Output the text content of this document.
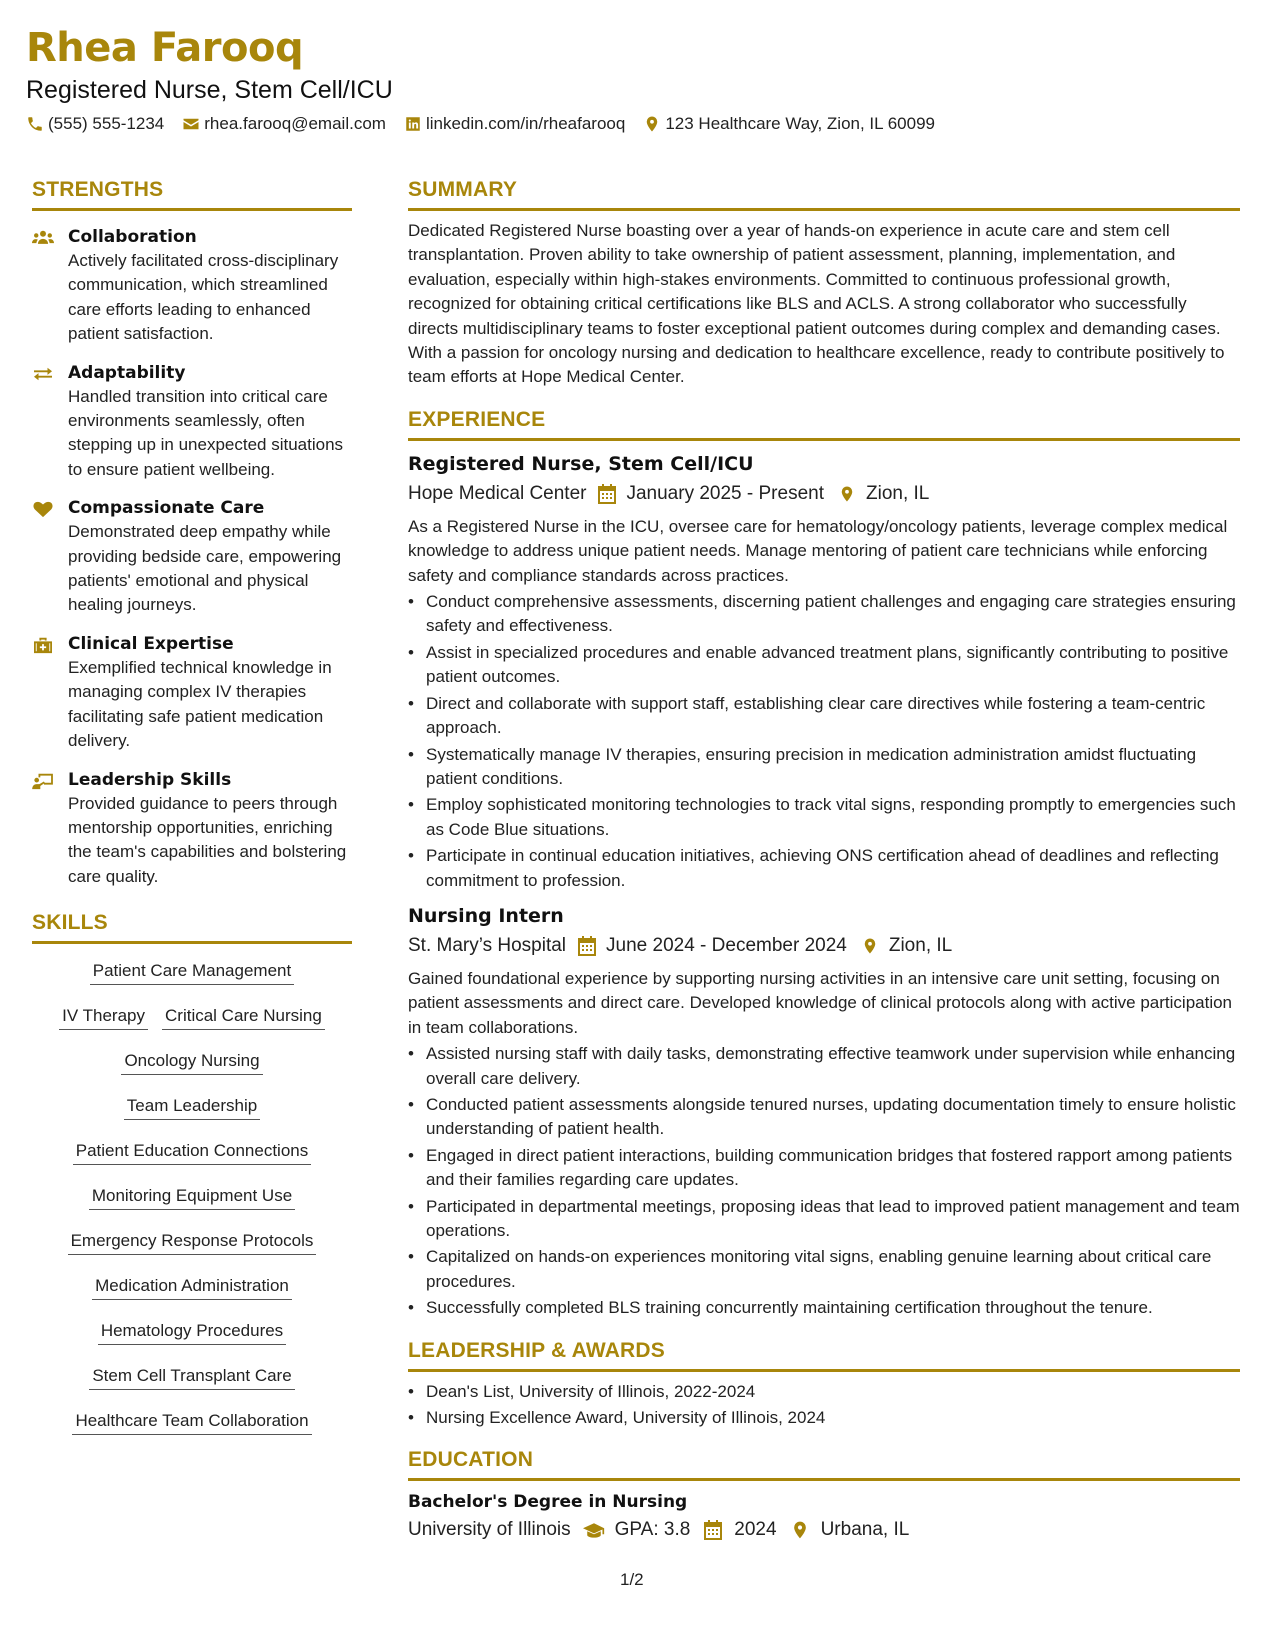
Rhea Farooq
Registered Nurse, Stem Cell/ICU
(555) 555-1234 rhea.farooq@email.com linkedin.com/in/rheafarooq 123 Healthcare Way, Zion, IL 60099
STRENGTHS
Collaboration
Actively facilitated cross-disciplinary communication, which streamlined care efforts leading to enhanced patient satisfaction.
Adaptability
Handled transition into critical care environments seamlessly, often stepping up in unexpected situations to ensure patient wellbeing.
Compassionate Care
Demonstrated deep empathy while providing bedside care, empowering patients' emotional and physical healing journeys.
Clinical Expertise
Exemplified technical knowledge in managing complex IV therapies facilitating safe patient medication delivery.
Leadership Skills
Provided guidance to peers through mentorship opportunities, enriching the team's capabilities and bolstering care quality.
SKILLS
Patient Care Management
IV Therapy Critical Care Nursing
Oncology Nursing
Team Leadership
Patient Education Connections
Monitoring Equipment Use
Emergency Response Protocols
Medication Administration
Hematology Procedures
Stem Cell Transplant Care
Healthcare Team Collaboration
SUMMARY
Dedicated Registered Nurse boasting over a year of hands-on experience in acute care and stem cell transplantation. Proven ability to take ownership of patient assessment, planning, implementation, and evaluation, especially within high-stakes environments. Committed to continuous professional growth, recognized for obtaining critical certifications like BLS and ACLS. A strong collaborator who successfully directs multidisciplinary teams to foster exceptional patient outcomes during complex and demanding cases. With a passion for oncology nursing and dedication to healthcare excellence, ready to contribute positively to team efforts at Hope Medical Center.
EXPERIENCE
Registered Nurse, Stem Cell/ICU
Hope Medical Center January 2025 - Present Zion, IL
As a Registered Nurse in the ICU, oversee care for hematology/oncology patients, leverage complex medical knowledge to address unique patient needs. Manage mentoring of patient care technicians while enforcing safety and compliance standards across practices.
• Conduct comprehensive assessments, discerning patient challenges and engaging care strategies ensuring safety and effectiveness.
• Assist in specialized procedures and enable advanced treatment plans, significantly contributing to positive patient outcomes.
• Direct and collaborate with support staff, establishing clear care directives while fostering a team-centric approach.
• Systematically manage IV therapies, ensuring precision in medication administration amidst fluctuating patient conditions.
• Employ sophisticated monitoring technologies to track vital signs, responding promptly to emergencies such as Code Blue situations.
• Participate in continual education initiatives, achieving ONS certification ahead of deadlines and reflecting commitment to profession.
Nursing Intern
St. Mary’s Hospital June 2024 - December 2024 Zion, IL
Gained foundational experience by supporting nursing activities in an intensive care unit setting, focusing on patient assessments and direct care. Developed knowledge of clinical protocols along with active participation in team collaborations.
• Assisted nursing staff with daily tasks, demonstrating effective teamwork under supervision while enhancing overall care delivery.
• Conducted patient assessments alongside tenured nurses, updating documentation timely to ensure holistic understanding of patient health.
• Engaged in direct patient interactions, building communication bridges that fostered rapport among patients and their families regarding care updates.
• Participated in departmental meetings, proposing ideas that lead to improved patient management and team operations.
• Capitalized on hands-on experiences monitoring vital signs, enabling genuine learning about critical care procedures.
• Successfully completed BLS training concurrently maintaining certification throughout the tenure.
LEADERSHIP & AWARDS
• Dean's List, University of Illinois, 2022-2024
• Nursing Excellence Award, University of Illinois, 2024
EDUCATION
Bachelor's Degree in Nursing
University of Illinois GPA: 3.8 2024 Urbana, IL
1/2
